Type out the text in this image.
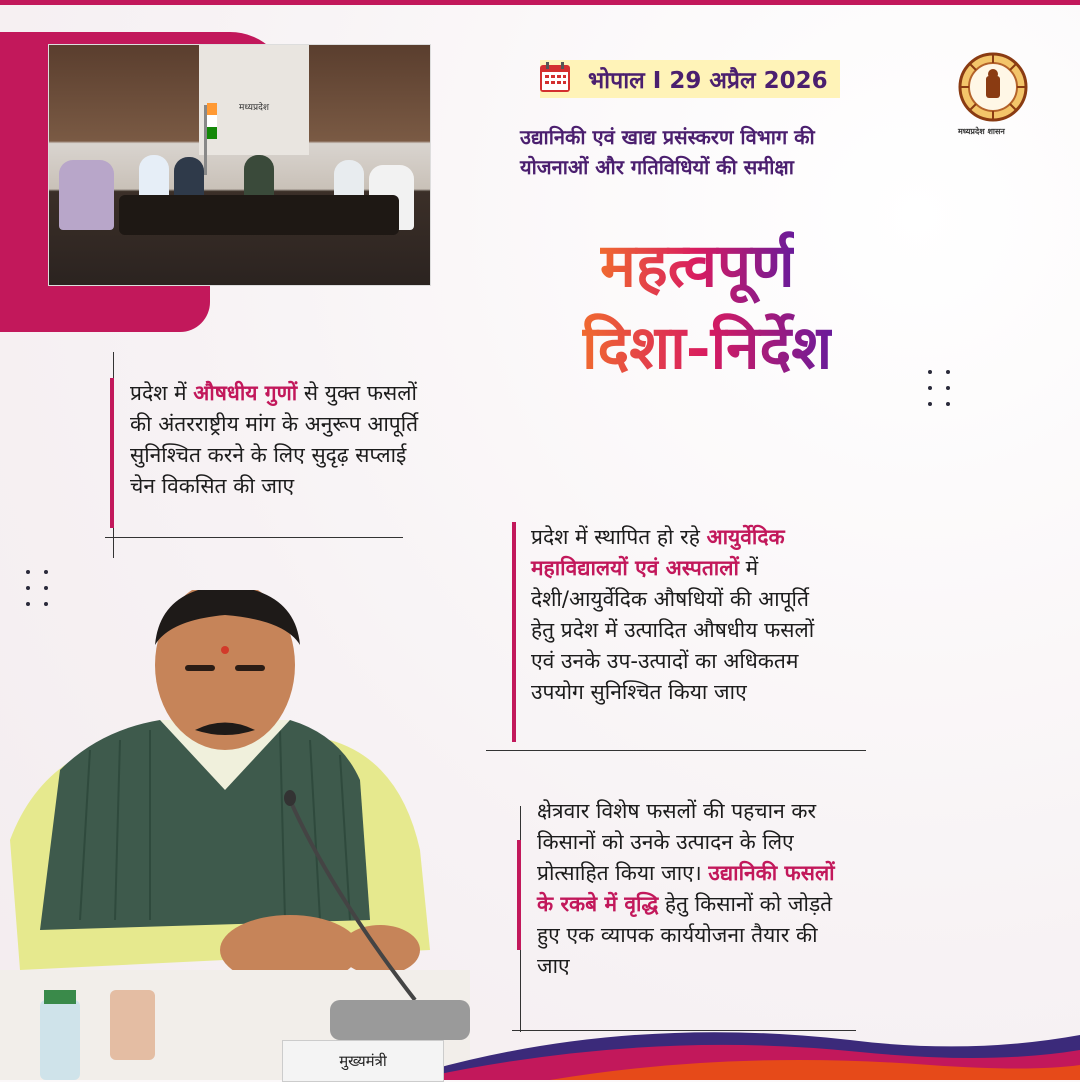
मध्यप्रदेश
भोपाल I 29 अप्रैल 2026
उद्यानिकी एवं खाद्य प्रसंस्करण विभाग की
योजनाओं और गतिविधियों की समीक्षा
मध्यप्रदेश शासन
महत्वपूर्ण
दिशा-निर्देश
प्रदेश में औषधीय गुणों से युक्त फसलों
की अंतरराष्ट्रीय मांग के अनुरूप आपूर्ति
सुनिश्चित करने के लिए सुदृढ़ सप्लाई
चेन विकसित की जाए
प्रदेश में स्थापित हो रहे आयुर्वेदिक
महाविद्यालयों एवं अस्पतालों में
देशी/आयुर्वेदिक औषधियों की आपूर्ति
हेतु प्रदेश में उत्पादित औषधीय फसलों
एवं उनके उप-उत्पादों का अधिकतम
उपयोग सुनिश्चित किया जाए
क्षेत्रवार विशेष फसलों की पहचान कर
किसानों को उनके उत्पादन के लिए
प्रोत्साहित किया जाए। उद्यानिकी फसलों
के रकबे में वृद्धि हेतु किसानों को जोड़ते
हुए एक व्यापक कार्ययोजना तैयार की
जाए
मुख्यमंत्री
